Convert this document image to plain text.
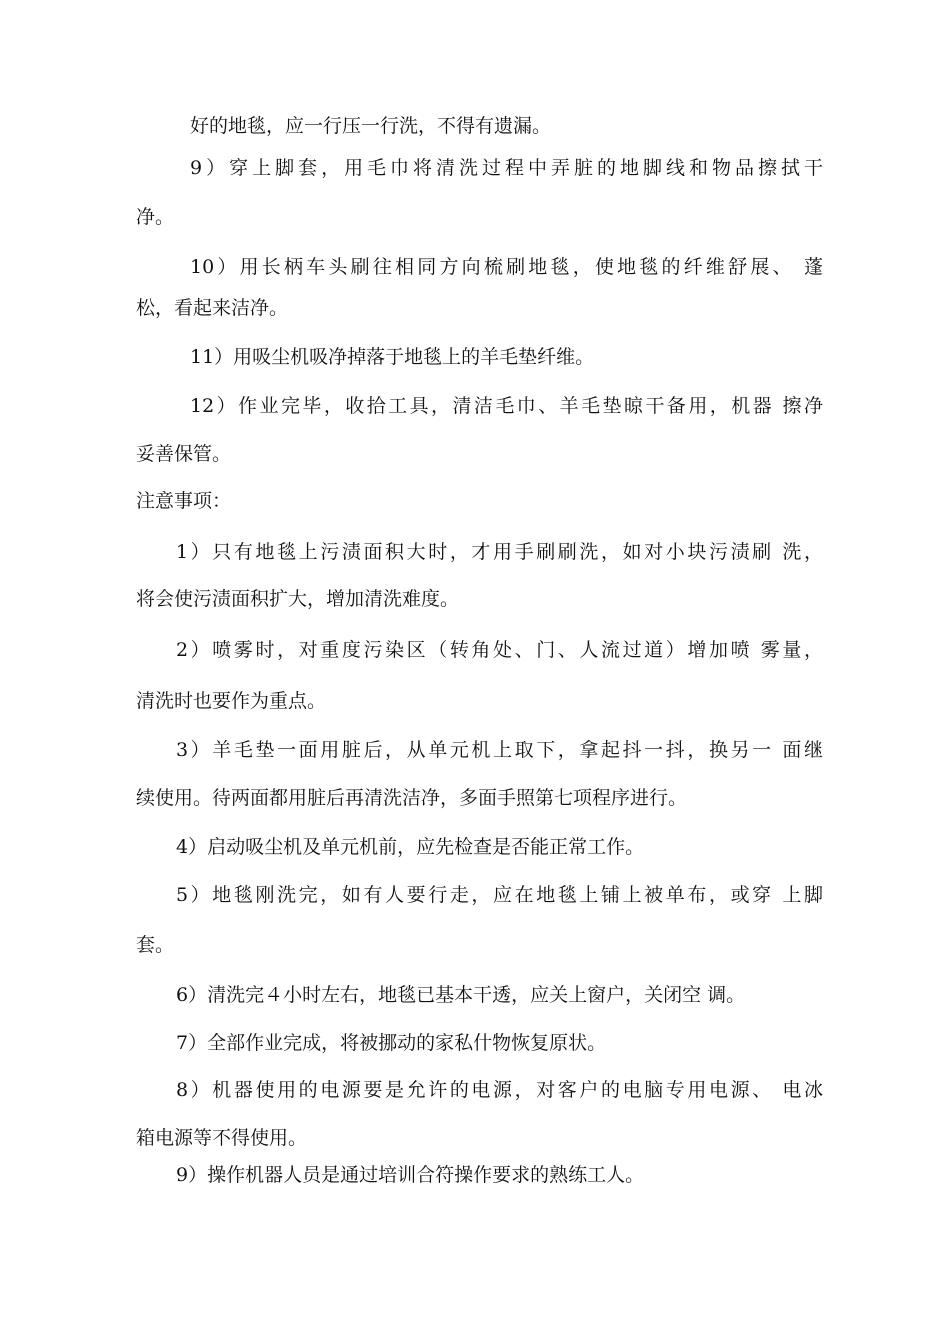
好的地毯，应一行压一行洗，不得有遗漏。
9）穿上脚套，用毛巾将清洗过程中弄脏的地脚线和物品擦拭干
净。
10）用长柄车头刷往相同方向梳刷地毯，使地毯的纤维舒展、 蓬
松，看起来洁净。
11）用吸尘机吸净掉落于地毯上的羊毛垫纤维。
12）作业完毕，收拾工具，清洁毛巾、羊毛垫晾干备用，机器 擦净
妥善保管。
注意事项：
1）只有地毯上污渍面积大时，才用手刷刷洗，如对小块污渍刷 洗，
将会使污渍面积扩大，增加清洗难度。
2）喷雾时，对重度污染区（转角处、门、人流过道）增加喷 雾量，
清洗时也要作为重点。
3）羊毛垫一面用脏后，从单元机上取下，拿起抖一抖，换另一 面继
续使用。待两面都用脏后再清洗洁净，多面手照第七项程序进行。
4）启动吸尘机及单元机前，应先检查是否能正常工作。
5）地毯刚洗完，如有人要行走，应在地毯上铺上被单布，或穿 上脚
套。
6）清洗完４小时左右，地毯已基本干透，应关上窗户，关闭空 调。
7）全部作业完成，将被挪动的家私什物恢复原状。
8）机器使用的电源要是允许的电源，对客户的电脑专用电源、 电冰
箱电源等不得使用。
9）操作机器人员是通过培训合符操作要求的熟练工人。
